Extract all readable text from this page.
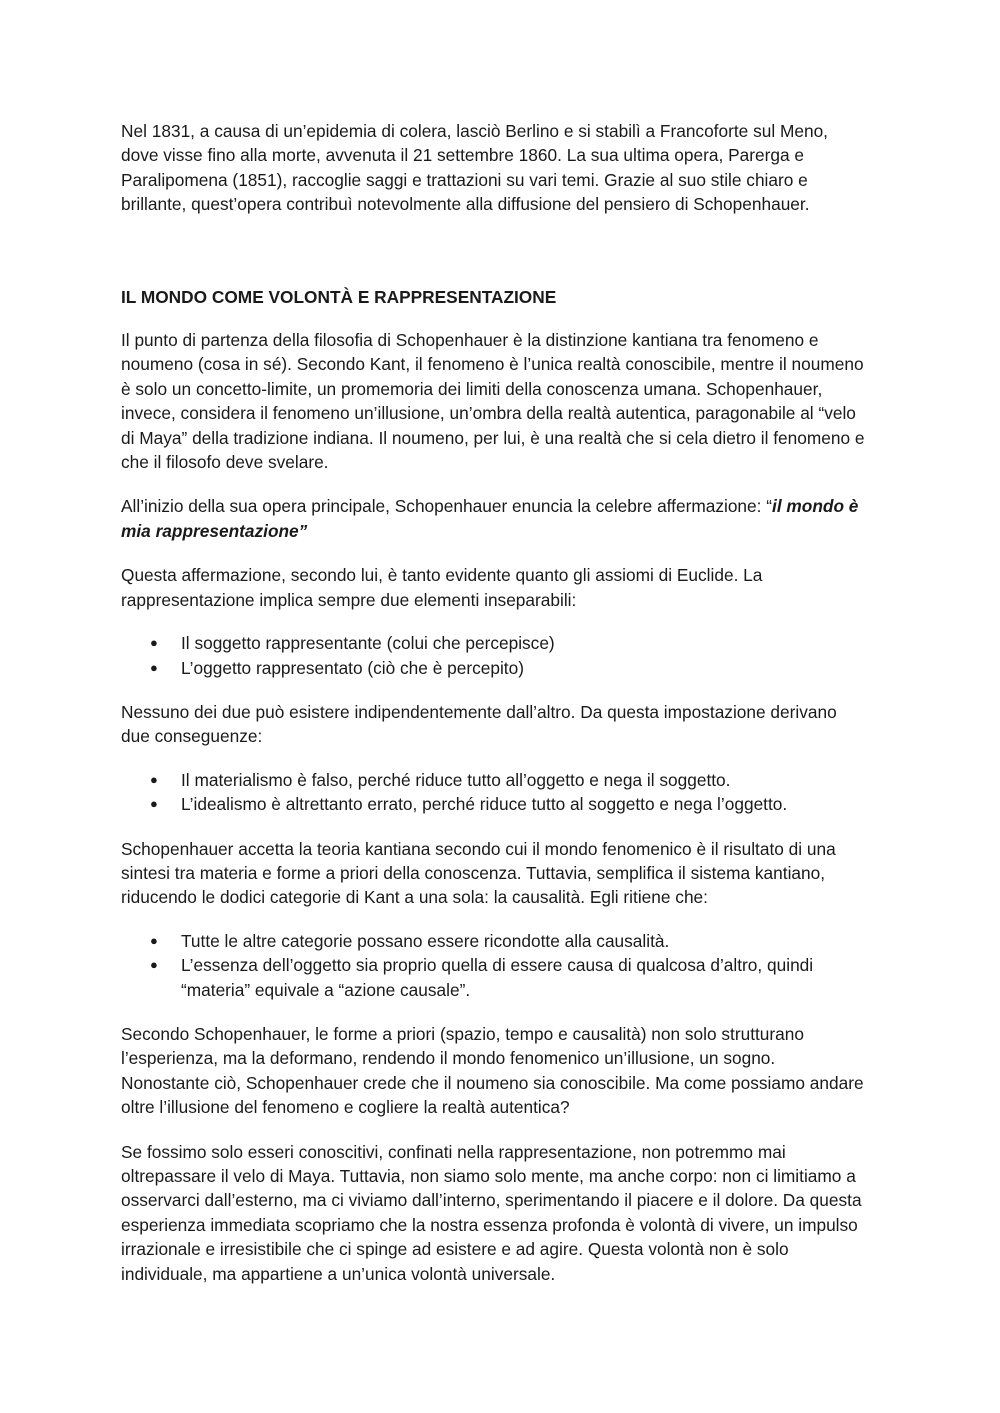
Nel 1831, a causa di un’epidemia di colera, lasciò Berlino e si stabilì a Francoforte sul Meno, dove visse fino alla morte, avvenuta il 21 settembre 1860. La sua ultima opera, Parerga e Paralipomena (1851), raccoglie saggi e trattazioni su vari temi. Grazie al suo stile chiaro e brillante, quest’opera contribuì notevolmente alla diffusione del pensiero di Schopenhauer.

IL MONDO COME VOLONTÀ E RAPPRESENTAZIONE

Il punto di partenza della filosofia di Schopenhauer è la distinzione kantiana tra fenomeno e noumeno (cosa in sé). Secondo Kant, il fenomeno è l’unica realtà conoscibile, mentre il noumeno è solo un concetto-limite, un promemoria dei limiti della conoscenza umana. Schopenhauer, invece, considera il fenomeno un’illusione, un’ombra della realtà autentica, paragonabile al “velo di Maya” della tradizione indiana. Il noumeno, per lui, è una realtà che si cela dietro il fenomeno e che il filosofo deve svelare.

All’inizio della sua opera principale, Schopenhauer enuncia la celebre affermazione: “il mondo è mia rappresentazione”

Questa affermazione, secondo lui, è tanto evidente quanto gli assiomi di Euclide. La rappresentazione implica sempre due elementi inseparabili:

● Il soggetto rappresentante (colui che percepisce)
● L’oggetto rappresentato (ciò che è percepito)

Nessuno dei due può esistere indipendentemente dall’altro. Da questa impostazione derivano due conseguenze:

● Il materialismo è falso, perché riduce tutto all’oggetto e nega il soggetto.
● L’idealismo è altrettanto errato, perché riduce tutto al soggetto e nega l’oggetto.

Schopenhauer accetta la teoria kantiana secondo cui il mondo fenomenico è il risultato di una sintesi tra materia e forme a priori della conoscenza. Tuttavia, semplifica il sistema kantiano, riducendo le dodici categorie di Kant a una sola: la causalità. Egli ritiene che:

● Tutte le altre categorie possano essere ricondotte alla causalità.
● L’essenza dell’oggetto sia proprio quella di essere causa di qualcosa d’altro, quindi “materia” equivale a “azione causale”.

Secondo Schopenhauer, le forme a priori (spazio, tempo e causalità) non solo strutturano l’esperienza, ma la deformano, rendendo il mondo fenomenico un’illusione, un sogno. Nonostante ciò, Schopenhauer crede che il noumeno sia conoscibile. Ma come possiamo andare oltre l’illusione del fenomeno e cogliere la realtà autentica?

Se fossimo solo esseri conoscitivi, confinati nella rappresentazione, non potremmo mai oltrepassare il velo di Maya. Tuttavia, non siamo solo mente, ma anche corpo: non ci limitiamo a osservarci dall’esterno, ma ci viviamo dall’interno, sperimentando il piacere e il dolore. Da questa esperienza immediata scopriamo che la nostra essenza profonda è volontà di vivere, un impulso irrazionale e irresistibile che ci spinge ad esistere e ad agire. Questa volontà non è solo individuale, ma appartiene a un’unica volontà universale.
